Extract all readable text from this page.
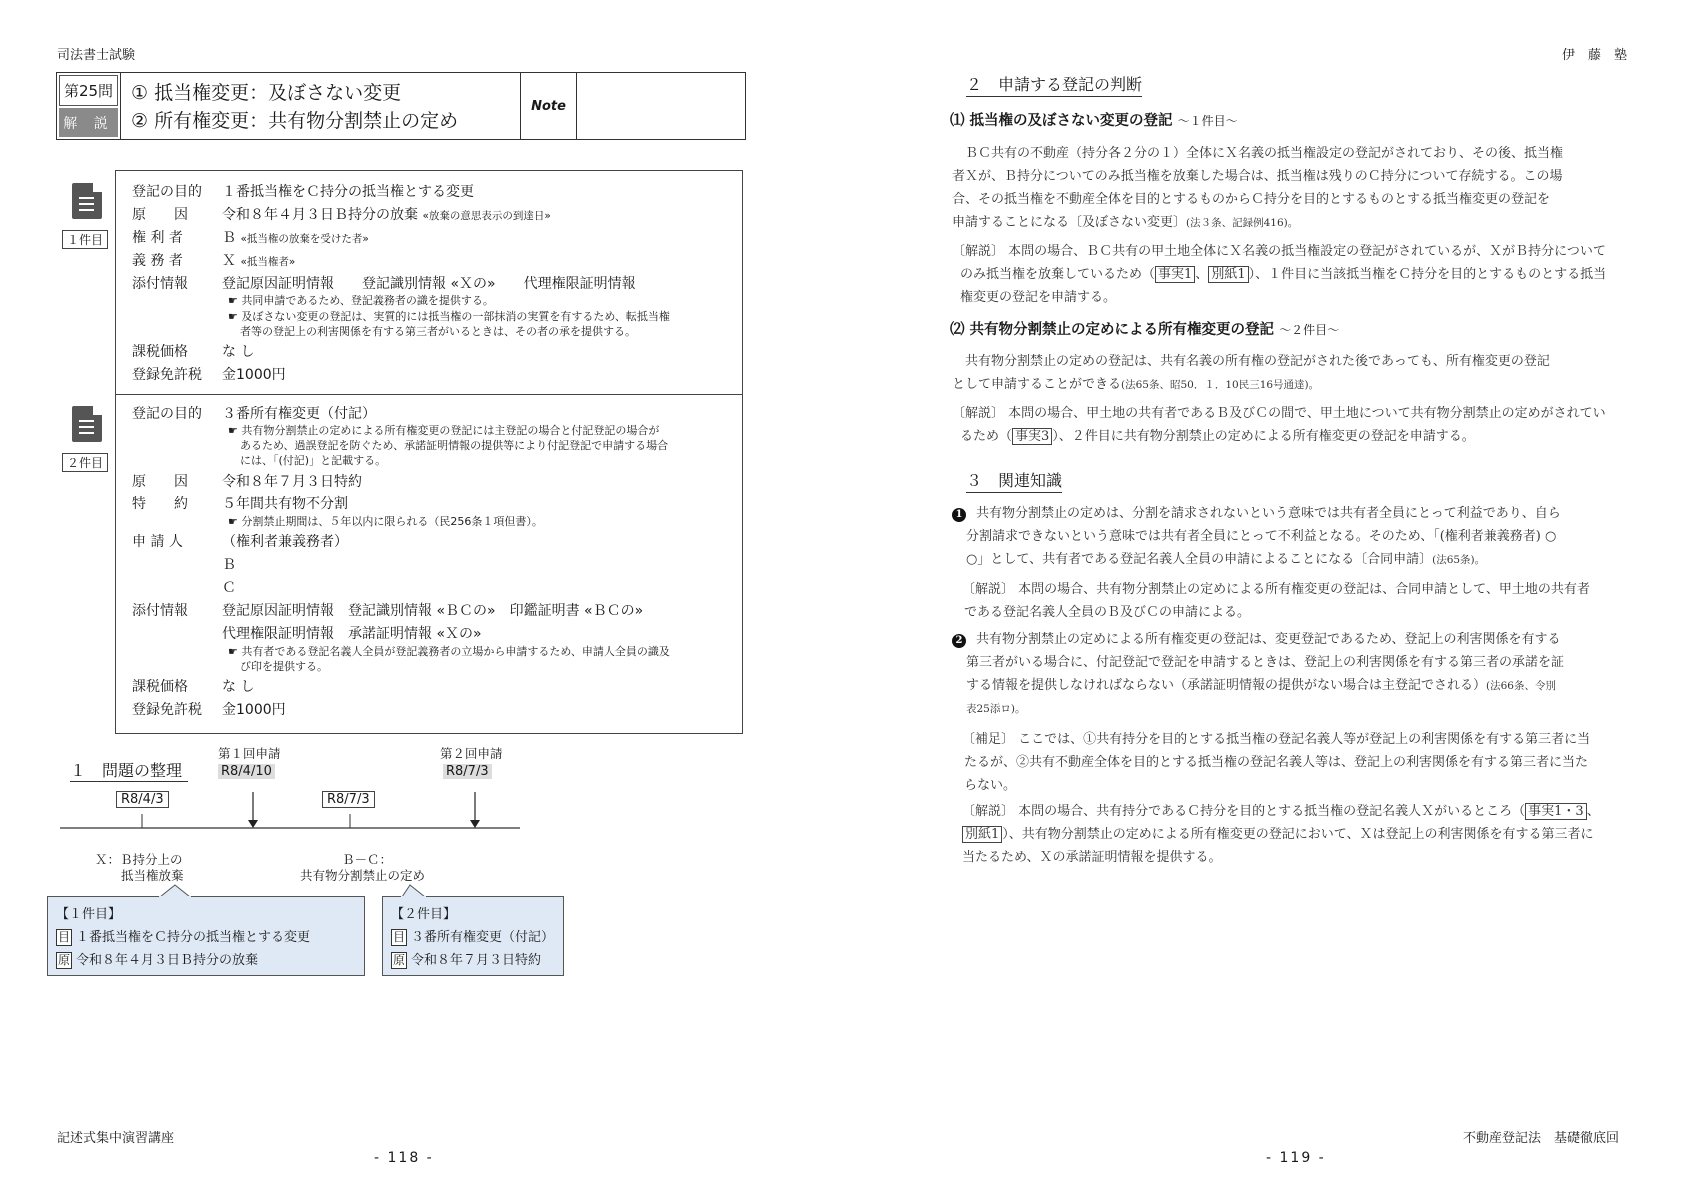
司法書士試験
第25問
解 説
① 抵当権変更：及ぼさない変更
② 所有権変更：共有物分割禁止の定め
Note
１件目
２件目
登記の目的 １番抵当権をＣ持分の抵当権とする変更
原　　因 令和８年４月３日Ｂ持分の放棄 «放棄の意思表示の到達日»
権 利 者	Ｂ «抵当権の放棄を受けた者»
義 務 者	Ｘ «抵当権者»
添付情報 登記原因証明情報　　登記識別情報 «Ｘの»　　代理権限証明情報
☛ 共同申請であるため、登記義務者の識を提供する。
☛ 及ぼさない変更の登記は、実質的には抵当権の一部抹消の実質を有するため、転抵当権
者等の登記上の利害関係を有する第三者がいるときは、その者の承を提供する。
課税価格 な し
登録免許税 金1000円
登記の目的 ３番所有権変更（付記）
☛ 共有物分割禁止の定めによる所有権変更の登記には主登記の場合と付記登記の場合が
あるため、過誤登記を防ぐため、承諾証明情報の提供等により付記登記で申請する場合
には、「(付記)」と記載する。
原　　因 令和８年７月３日特約
特　　約 ５年間共有物不分割
☛ 分割禁止期間は、５年以内に限られる（民256条１項但書）。
申 請 人	（権利者兼義務者）
Ｂ
Ｃ
添付情報 登記原因証明情報　登記識別情報 «ＢＣの»　印鑑証明書 «ＢＣの»
代理権限証明情報　承諾証明情報 «Ｘの»
☛ 共有者である登記名義人全員が登記義務者の立場から申請するため、申請人全員の識及
び印を提供する。
課税価格 な し
登録免許税 金1000円
１　問題の整理
第１回申請
R8/4/10
第２回申請
R8/7/3
R8/4/3	R8/7/3
Ｘ：Ｂ持分上の
抵当権放棄
Ｂ－Ｃ：
共有物分割禁止の定め
【１件目】
目 １番抵当権をＣ持分の抵当権とする変更
原 令和８年４月３日Ｂ持分の放棄
【２件目】
目 ３番所有権変更（付記）
原 令和８年７月３日特約
記述式集中演習講座
- 118 -
伊　藤　塾
２　申請する登記の判断
⑴ 抵当権の及ぼさない変更の登記 ～１件目～
ＢＣ共有の不動産（持分各２分の１）全体にＸ名義の抵当権設定の登記がされており、その後、抵当権
者Ｘが、Ｂ持分についてのみ抵当権を放棄した場合は、抵当権は残りのＣ持分について存続する。この場
合、その抵当権を不動産全体を目的とするものからＣ持分を目的とするものとする抵当権変更の登記を
申請することになる〔及ぼさない変更〕(法３条、記録例416)。
〔解説〕 本問の場合、ＢＣ共有の甲土地全体にＸ名義の抵当権設定の登記がされているが、ＸがＢ持分について
のみ抵当権を放棄しているため（ 事実1 、 別紙1 ）、１件目に当該抵当権をＣ持分を目的とするものとする抵当
権変更の登記を申請する。
⑵ 共有物分割禁止の定めによる所有権変更の登記 ～２件目～
共有物分割禁止の定めの登記は、共有名義の所有権の登記がされた後であっても、所有権変更の登記
として申請することができる(法65条、昭50．１．10民三16号通達)。
〔解説〕 本問の場合、甲土地の共有者であるＢ及びＣの間で、甲土地について共有物分割禁止の定めがされてい
るため（ 事実3 ）、２件目に共有物分割禁止の定めによる所有権変更の登記を申請する。
３　関連知識
1 共有物分割禁止の定めは、分割を請求されないという意味では共有者全員にとって利益であり、自ら
分割請求できないという意味では共有者全員にとって不利益となる。そのため、「(権利者兼義務者) ○
○」として、共有者である登記名義人全員の申請によることになる〔合同申請〕(法65条)。
〔解説〕 本問の場合、共有物分割禁止の定めによる所有権変更の登記は、合同申請として、甲土地の共有者
である登記名義人全員のＢ及びＣの申請による。
2 共有物分割禁止の定めによる所有権変更の登記は、変更登記であるため、登記上の利害関係を有する
第三者がいる場合に、付記登記で登記を申請するときは、登記上の利害関係を有する第三者の承諾を証
する情報を提供しなければならない（承諾証明情報の提供がない場合は主登記でされる）(法66条、令別
表25添ロ)。
〔補足〕 ここでは、①共有持分を目的とする抵当権の登記名義人等が登記上の利害関係を有する第三者に当
たるが、②共有不動産全体を目的とする抵当権の登記名義人等は、登記上の利害関係を有する第三者に当た
らない。
〔解説〕 本問の場合、共有持分であるＣ持分を目的とする抵当権の登記名義人Ｘがいるところ（ 事実1・3 、
別紙1 ）、共有物分割禁止の定めによる所有権変更の登記において、Ｘは登記上の利害関係を有する第三者に
当たるため、Ｘの承諾証明情報を提供する。
不動産登記法　基礎徹底回
- 119 -
